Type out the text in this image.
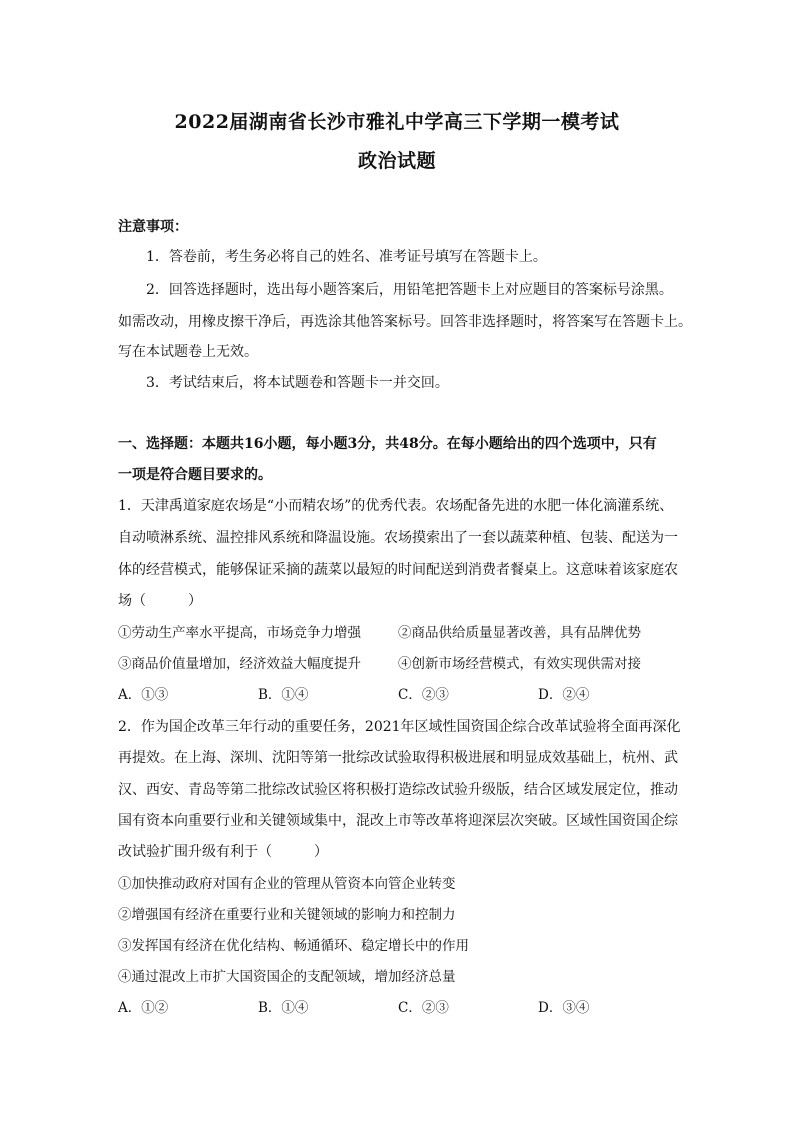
2022届湖南省长沙市雅礼中学高三下学期一模考试
政治试题
注意事项：
1．答卷前，考生务必将自己的姓名、准考证号填写在答题卡上。
2．回答选择题时，选出每小题答案后，用铅笔把答题卡上对应题目的答案标号涂黑。
如需改动，用橡皮擦干净后，再选涂其他答案标号。回答非选择题时，将答案写在答题卡上。
写在本试题卷上无效。
3．考试结束后，将本试题卷和答题卡一并交回。
一、选择题：本题共16小题，每小题3分，共48分。在每小题给出的四个选项中，只有
一项是符合题目要求的。
1．天津禹道家庭农场是“小而精农场”的优秀代表。农场配备先进的水肥一体化滴灌系统、
自动喷淋系统、温控排风系统和降温设施。农场摸索出了一套以蔬菜种植、包装、配送为一
体的经营模式，能够保证采摘的蔬菜以最短的时间配送到消费者餐桌上。这意味着该家庭农
场（　　　）
①劳动生产率水平提高，市场竞争力增强	②商品供给质量显著改善，具有品牌优势
③商品价值量增加，经济效益大幅度提升	④创新市场经营模式，有效实现供需对接
A．①③	B．①④	C．②③	D．②④
2．作为国企改革三年行动的重要任务，2021年区域性国资国企综合改革试验将全面再深化
再提效。在上海、深圳、沈阳等第一批综改试验取得积极进展和明显成效基础上，杭州、武
汉、西安、青岛等第二批综改试验区将积极打造综改试验升级版，结合区域发展定位，推动
国有资本向重要行业和关键领域集中，混改上市等改革将迎深层次突破。区域性国资国企综
改试验扩围升级有利于（　　　）
①加快推动政府对国有企业的管理从管资本向管企业转变
②增强国有经济在重要行业和关键领域的影响力和控制力
③发挥国有经济在优化结构、畅通循环、稳定增长中的作用
④通过混改上市扩大国资国企的支配领域，增加经济总量
A．①②	B．①④	C．②③	D．③④
